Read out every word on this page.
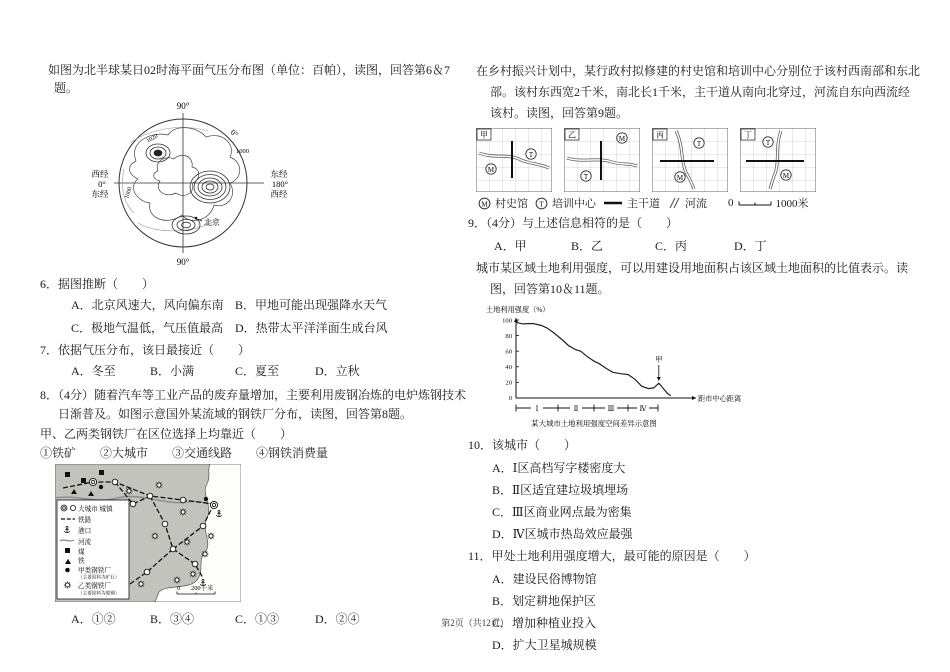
如图为北半球某日02时海平面气压分布图（单位：百帕），读图，回答第6＆7题。

90°
90°
西经
0°
东经
东经
180°
西经
0°
1000
1020
1000
北京

6．据图推断（　　）

A．北京风速大，风向偏东南 B．甲地可能出现强降水天气
C．极地气温低，气压值最高 D．热带太平洋洋面生成台风

7．依据气压分布，该日最接近（　　）

A．冬至	B．小满	C．夏至	D．立秋

8．（4分）随着汽车等工业产品的废弃量增加，主要利用废钢冶炼的电炉炼钢技术日渐普及。如图示意国外某流域的钢铁厂分布，读图，回答第8题。

甲、乙两类钢铁厂在区位选择上均靠近（　　）

①铁矿　　②大城市　　③交通线路　　④钢铁消费量

大城市 城镇
铁路
港口
河流
煤
铁
甲类钢铁厂
（主要原料为矿石）
乙类钢铁厂
（主要原料为废钢）
0 200千米
A．①②	B．③④	C．①③	D．②④

在乡村振兴计划中，某行政村拟修建的村史馆和培训中心分别位于该村西南部和东北部。该村东西宽2千米，南北长1千米，主干道从南向北穿过，河流自东向西流经该村。读图，回答第9题。

T
M
甲	M
T
乙
T
M
丙
T
M
丁
M 村史馆 T 培训中心	主干道 河流 0	1000米

9．（4分）与上述信息相符的是（　　）

A．甲	B．乙	C．丙	D．丁

城市某区域土地利用强度，可以用建设用地面积占该区域土地面积的比值表示。读图，回答第10＆11题。

土地利用强度（%）
100
80
60
40
20
0	距市中心距离
甲
Ⅰ	Ⅱ	Ⅲ	Ⅳ
某大城市土地利用强度空间差异示意图

10．该城市（　　）

A．Ⅰ区高档写字楼密度大

B．Ⅱ区适宜建垃圾填埋场

C．Ⅲ区商业网点最为密集

D．Ⅳ区城市热岛效应最强

11．甲处土地利用强度增大，最可能的原因是（　　）

A．建设民俗博物馆

B．划定耕地保护区

C．增加种植业投入

D．扩大卫星城规模

第2页（共12页）
